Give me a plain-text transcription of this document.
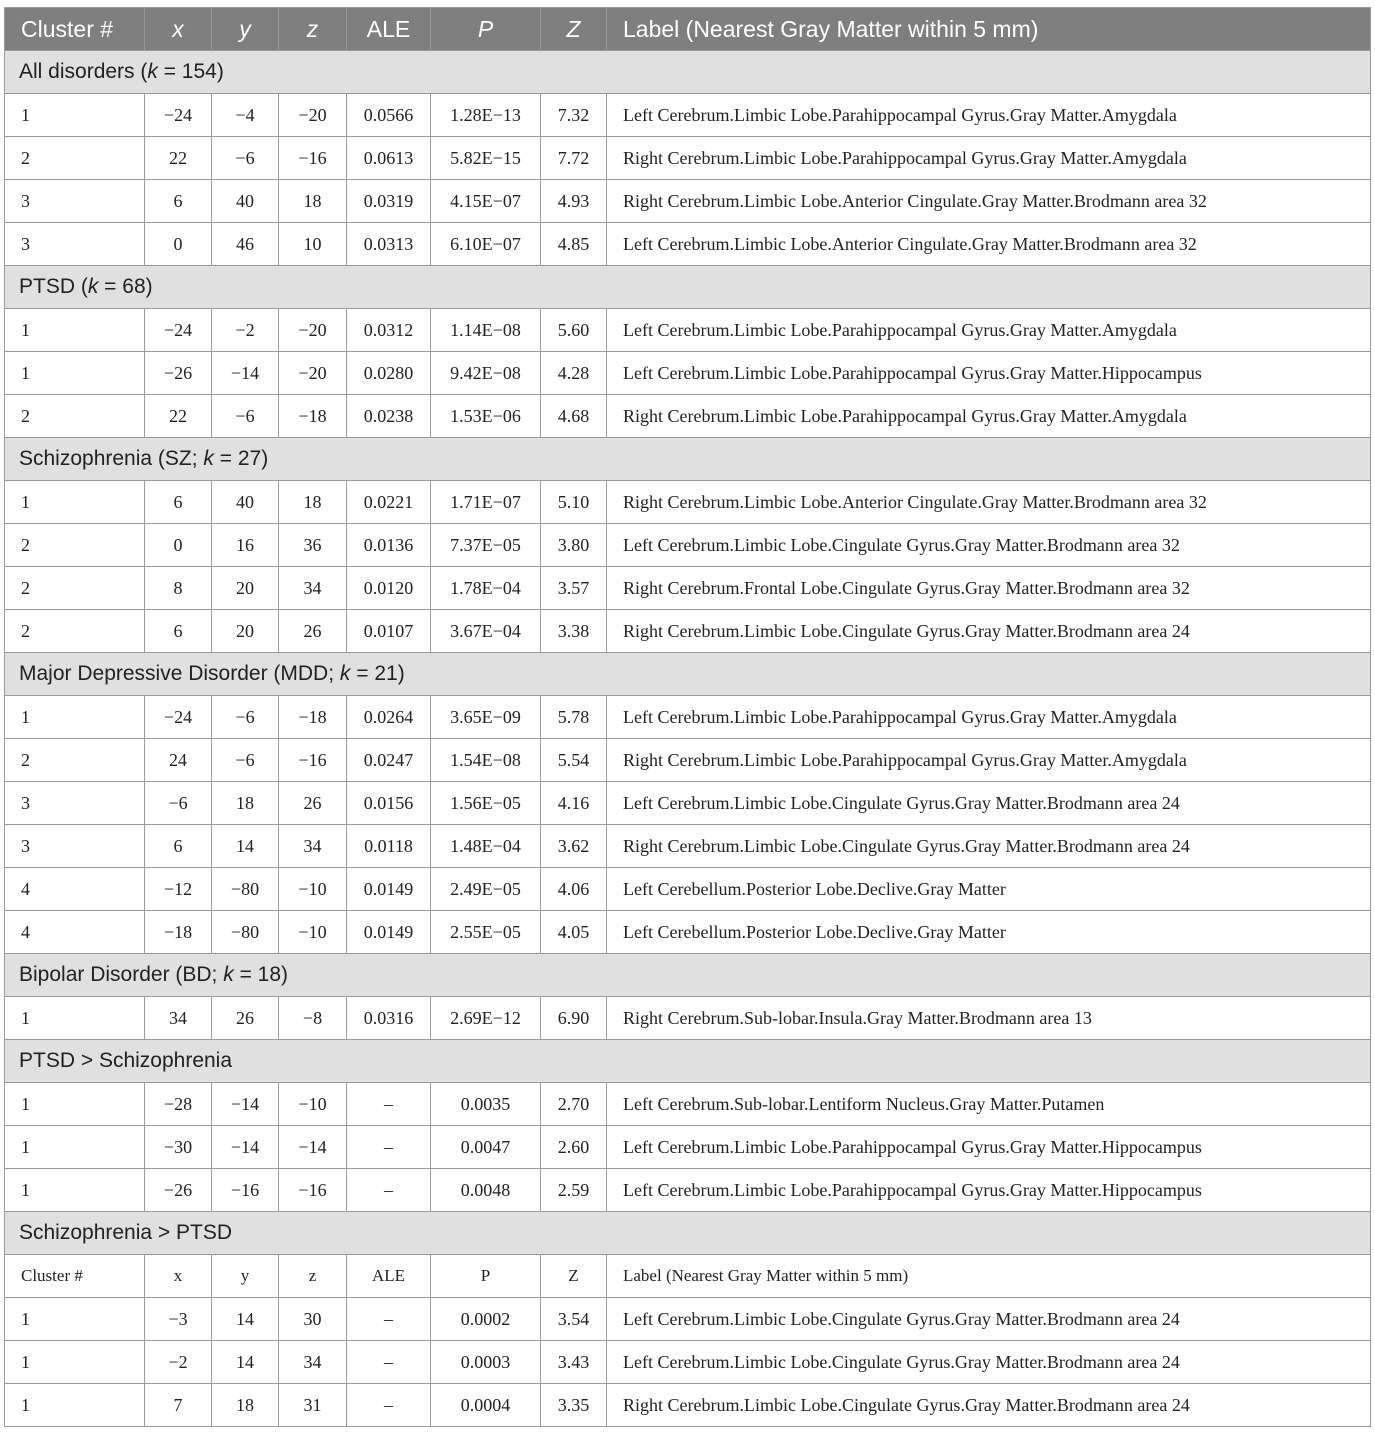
Cluster #	x	y	z	ALE	P	Z	Label (Nearest Gray Matter within 5 mm)
All disorders (k = 154)							
1	−24	−4	−20	0.0566	1.28E−13	7.32	Left Cerebrum.Limbic Lobe.Parahippocampal Gyrus.Gray Matter.Amygdala
2	22	−6	−16	0.0613	5.82E−15	7.72	Right Cerebrum.Limbic Lobe.Parahippocampal Gyrus.Gray Matter.Amygdala
3	6	40	18	0.0319	4.15E−07	4.93	Right Cerebrum.Limbic Lobe.Anterior Cingulate.Gray Matter.Brodmann area 32
3	0	46	10	0.0313	6.10E−07	4.85	Left Cerebrum.Limbic Lobe.Anterior Cingulate.Gray Matter.Brodmann area 32
PTSD (k = 68)							
1	−24	−2	−20	0.0312	1.14E−08	5.60	Left Cerebrum.Limbic Lobe.Parahippocampal Gyrus.Gray Matter.Amygdala
1	−26	−14	−20	0.0280	9.42E−08	4.28	Left Cerebrum.Limbic Lobe.Parahippocampal Gyrus.Gray Matter.Hippocampus
2	22	−6	−18	0.0238	1.53E−06	4.68	Right Cerebrum.Limbic Lobe.Parahippocampal Gyrus.Gray Matter.Amygdala
Schizophrenia (SZ; k = 27)							
1	6	40	18	0.0221	1.71E−07	5.10	Right Cerebrum.Limbic Lobe.Anterior Cingulate.Gray Matter.Brodmann area 32
2	0	16	36	0.0136	7.37E−05	3.80	Left Cerebrum.Limbic Lobe.Cingulate Gyrus.Gray Matter.Brodmann area 32
2	8	20	34	0.0120	1.78E−04	3.57	Right Cerebrum.Frontal Lobe.Cingulate Gyrus.Gray Matter.Brodmann area 32
2	6	20	26	0.0107	3.67E−04	3.38	Right Cerebrum.Limbic Lobe.Cingulate Gyrus.Gray Matter.Brodmann area 24
Major Depressive Disorder (MDD; k = 21)							
1	−24	−6	−18	0.0264	3.65E−09	5.78	Left Cerebrum.Limbic Lobe.Parahippocampal Gyrus.Gray Matter.Amygdala
2	24	−6	−16	0.0247	1.54E−08	5.54	Right Cerebrum.Limbic Lobe.Parahippocampal Gyrus.Gray Matter.Amygdala
3	−6	18	26	0.0156	1.56E−05	4.16	Left Cerebrum.Limbic Lobe.Cingulate Gyrus.Gray Matter.Brodmann area 24
3	6	14	34	0.0118	1.48E−04	3.62	Right Cerebrum.Limbic Lobe.Cingulate Gyrus.Gray Matter.Brodmann area 24
4	−12	−80	−10	0.0149	2.49E−05	4.06	Left Cerebellum.Posterior Lobe.Declive.Gray Matter
4	−18	−80	−10	0.0149	2.55E−05	4.05	Left Cerebellum.Posterior Lobe.Declive.Gray Matter
Bipolar Disorder (BD; k = 18)							
1	34	26	−8	0.0316	2.69E−12	6.90	Right Cerebrum.Sub-lobar.Insula.Gray Matter.Brodmann area 13
PTSD > Schizophrenia							
1	−28	−14	−10	–	0.0035	2.70	Left Cerebrum.Sub-lobar.Lentiform Nucleus.Gray Matter.Putamen
1	−30	−14	−14	–	0.0047	2.60	Left Cerebrum.Limbic Lobe.Parahippocampal Gyrus.Gray Matter.Hippocampus
1	−26	−16	−16	–	0.0048	2.59	Left Cerebrum.Limbic Lobe.Parahippocampal Gyrus.Gray Matter.Hippocampus
Schizophrenia > PTSD							
Cluster #	x	y	z	ALE	P	Z	Label (Nearest Gray Matter within 5 mm)
1	−3	14	30	–	0.0002	3.54	Left Cerebrum.Limbic Lobe.Cingulate Gyrus.Gray Matter.Brodmann area 24
1	−2	14	34	–	0.0003	3.43	Left Cerebrum.Limbic Lobe.Cingulate Gyrus.Gray Matter.Brodmann area 24
1	7	18	31	–	0.0004	3.35	Right Cerebrum.Limbic Lobe.Cingulate Gyrus.Gray Matter.Brodmann area 24
